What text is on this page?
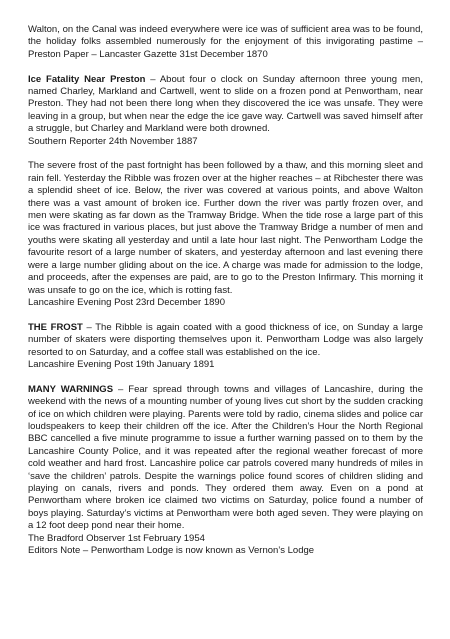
Walton, on the Canal was indeed everywhere were ice was of sufficient area was to be found, the holiday folks assembled numerously for the enjoyment of this invigorating pastime – Preston Paper – Lancaster Gazette 31st December 1870

Ice Fatality Near Preston – About four o clock on Sunday afternoon three young men, named Charley, Markland and Cartwell, went to slide on a frozen pond at Penwortham, near Preston. They had not been there long when they discovered the ice was unsafe. They were leaving in a group, but when near the edge the ice gave way. Cartwell was saved himself after a struggle, but Charley and Markland were both drowned.
Southern Reporter 24th November 1887

The severe frost of the past fortnight has been followed by a thaw, and this morning sleet and rain fell. Yesterday the Ribble was frozen over at the higher reaches – at Ribchester there was a splendid sheet of ice. Below, the river was covered at various points, and above Walton there was a vast amount of broken ice. Further down the river was partly frozen over, and men were skating as far down as the Tramway Bridge. When the tide rose a large part of this ice was fractured in various places, but just above the Tramway Bridge a number of men and youths were skating all yesterday and until a late hour last night. The Penwortham Lodge the favourite resort of a large number of skaters, and yesterday afternoon and last evening there were a large number gliding about on the ice. A charge was made for admission to the lodge, and proceeds, after the expenses are paid, are to go to the Preston Infirmary. This morning it was unsafe to go on the ice, which is rotting fast.
Lancashire Evening Post 23rd December 1890

THE FROST – The Ribble is again coated with a good thickness of ice, on Sunday a large number of skaters were disporting themselves upon it. Penwortham Lodge was also largely resorted to on Saturday, and a coffee stall was established on the ice.
Lancashire Evening Post 19th January 1891

MANY WARNINGS – Fear spread through towns and villages of Lancashire, during the weekend with the news of a mounting number of young lives cut short by the sudden cracking of ice on which children were playing. Parents were told by radio, cinema slides and police car loudspeakers to keep their children off the ice. After the Children’s Hour the North Regional BBC cancelled a five minute programme to issue a further warning passed on to them by the Lancashire County Police, and it was repeated after the regional weather forecast of more cold weather and hard frost. Lancashire police car patrols covered many hundreds of miles in ‘save the children’ patrols. Despite the warnings police found scores of children sliding and playing on canals, rivers and ponds. They ordered them away. Even on a pond at Penwortham where broken ice claimed two victims on Saturday, police found a number of boys playing. Saturday’s victims at Penwortham were both aged seven. They were playing on a 12 foot deep pond near their home.
The Bradford Observer 1st February 1954
Editors Note – Penwortham Lodge is now known as Vernon’s Lodge
